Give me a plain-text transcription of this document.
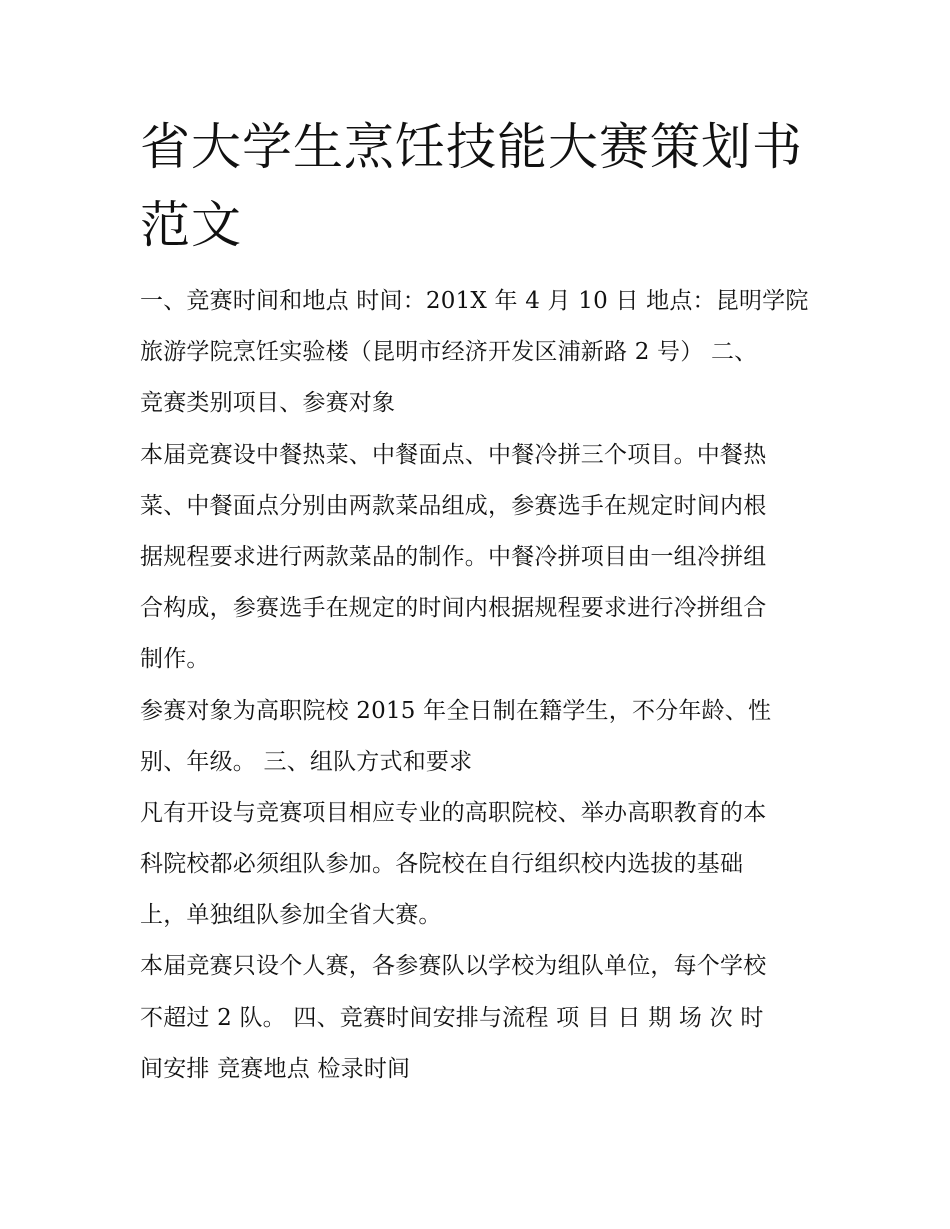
省大学生烹饪技能大赛策划书
范文
一、竞赛时间和地点 时间：201X 年 4 月 10 日 地点：昆明学院
旅游学院烹饪实验楼（昆明市经济开发区浦新路 2 号） 二、
竞赛类别项目、参赛对象
本届竞赛设中餐热菜、中餐面点、中餐冷拼三个项目。中餐热
菜、中餐面点分别由两款菜品组成，参赛选手在规定时间内根
据规程要求进行两款菜品的制作。中餐冷拼项目由一组冷拼组
合构成，参赛选手在规定的时间内根据规程要求进行冷拼组合
制作。
参赛对象为高职院校 2015 年全日制在籍学生，不分年龄、性
别、年级。 三、组队方式和要求
凡有开设与竞赛项目相应专业的高职院校、举办高职教育的本
科院校都必须组队参加。各院校在自行组织校内选拔的基础
上，单独组队参加全省大赛。
本届竞赛只设个人赛，各参赛队以学校为组队单位，每个学校
不超过 2 队。 四、竞赛时间安排与流程 项 目 日 期 场 次 时
间安排 竞赛地点 检录时间
